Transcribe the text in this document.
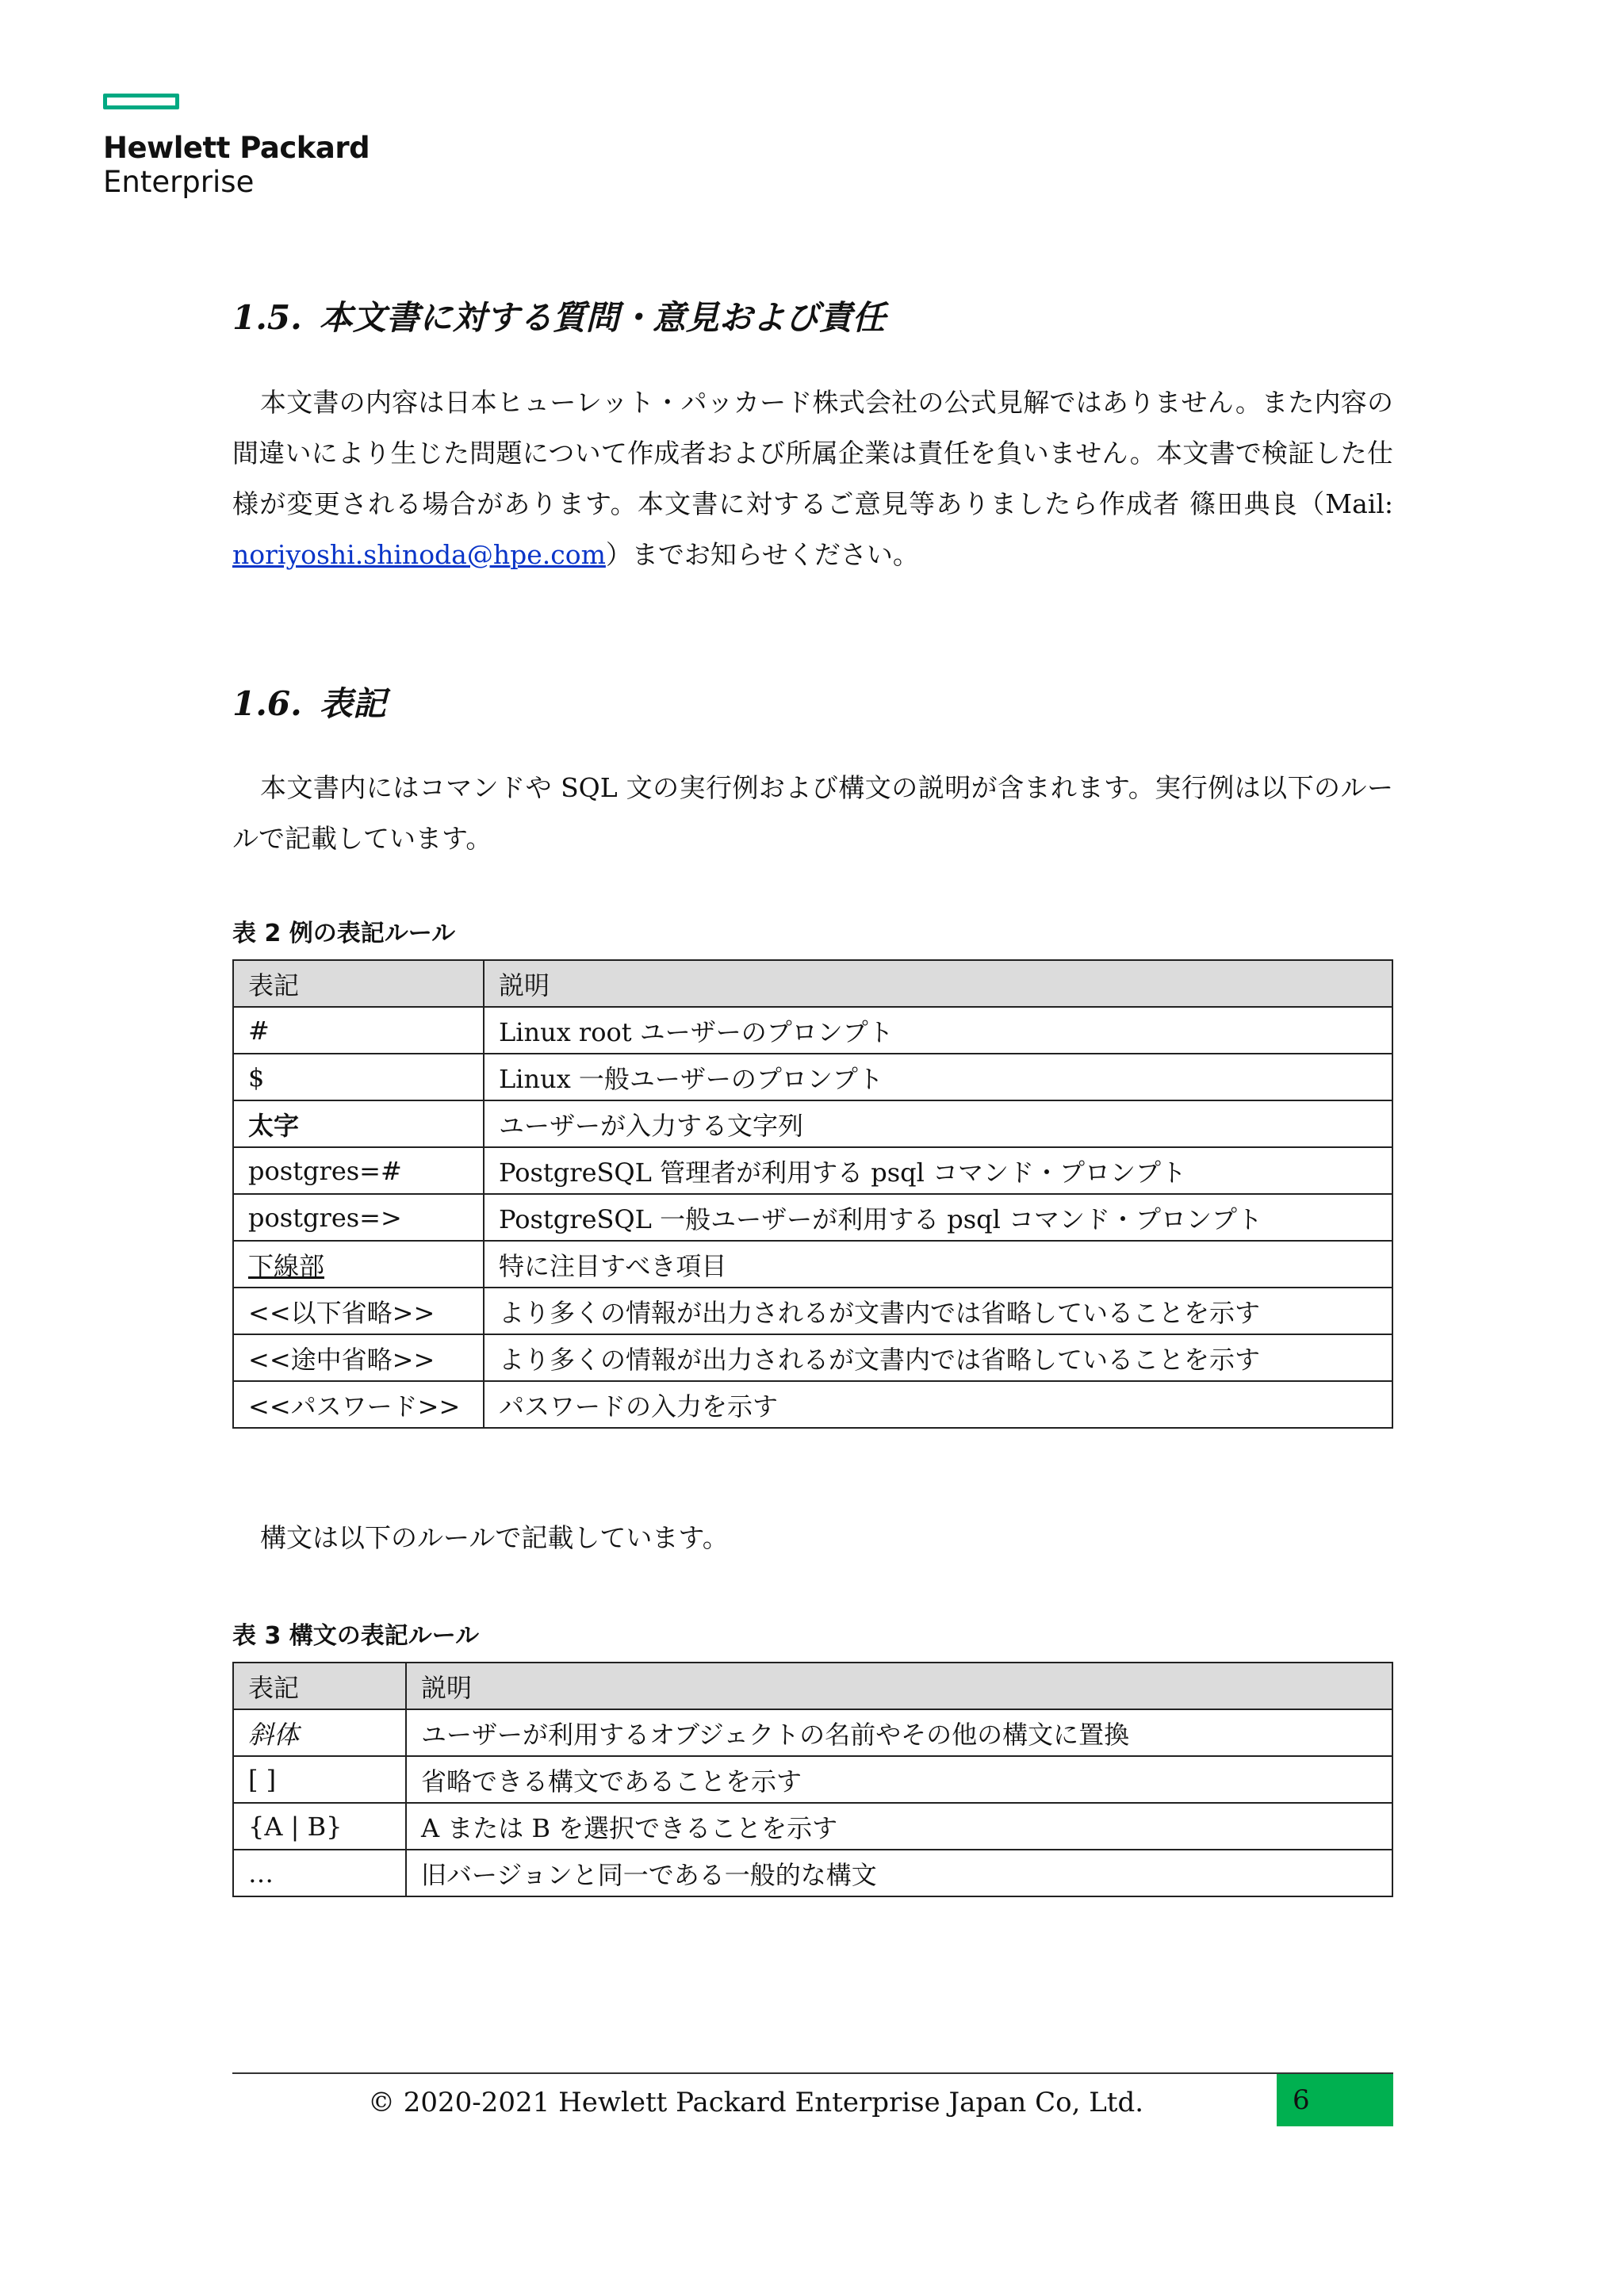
Hewlett Packard
Enterprise
1.5. 本文書に対する質問・意見および責任

本文書の内容は日本ヒューレット・パッカード株式会社の公式見解ではありません。また内容の間違いにより生じた問題について作成者および所属企業は責任を負いません。本文書で検証した仕様が変更される場合があります。本文書に対するご意見等ありましたら作成者 篠田典良（Mail: noriyoshi.shinoda@hpe.com）までお知らせください。

1.6. 表記

本文書内にはコマンドや SQL 文の実行例および構文の説明が含まれます。実行例は以下のルールで記載しています。

表 2 例の表記ルール
表記	説明
#	Linux root ユーザーのプロンプト
$	Linux 一般ユーザーのプロンプト
太字	ユーザーが入力する文字列
postgres=#	PostgreSQL 管理者が利用する psql コマンド・プロンプト
postgres=>	PostgreSQL 一般ユーザーが利用する psql コマンド・プロンプト
下線部	特に注目すべき項目
<<以下省略>>	より多くの情報が出力されるが文書内では省略していることを示す
<<途中省略>>	より多くの情報が出力されるが文書内では省略していることを示す
<<パスワード>>	パスワードの入力を示す

構文は以下のルールで記載しています。

表 3 構文の表記ルール
表記	説明
斜体	ユーザーが利用するオブジェクトの名前やその他の構文に置換
[ ]	省略できる構文であることを示す
{A | B}	A または B を選択できることを示す
…	旧バージョンと同一である一般的な構文
© 2020-2021 Hewlett Packard Enterprise Japan Co, Ltd.	6
